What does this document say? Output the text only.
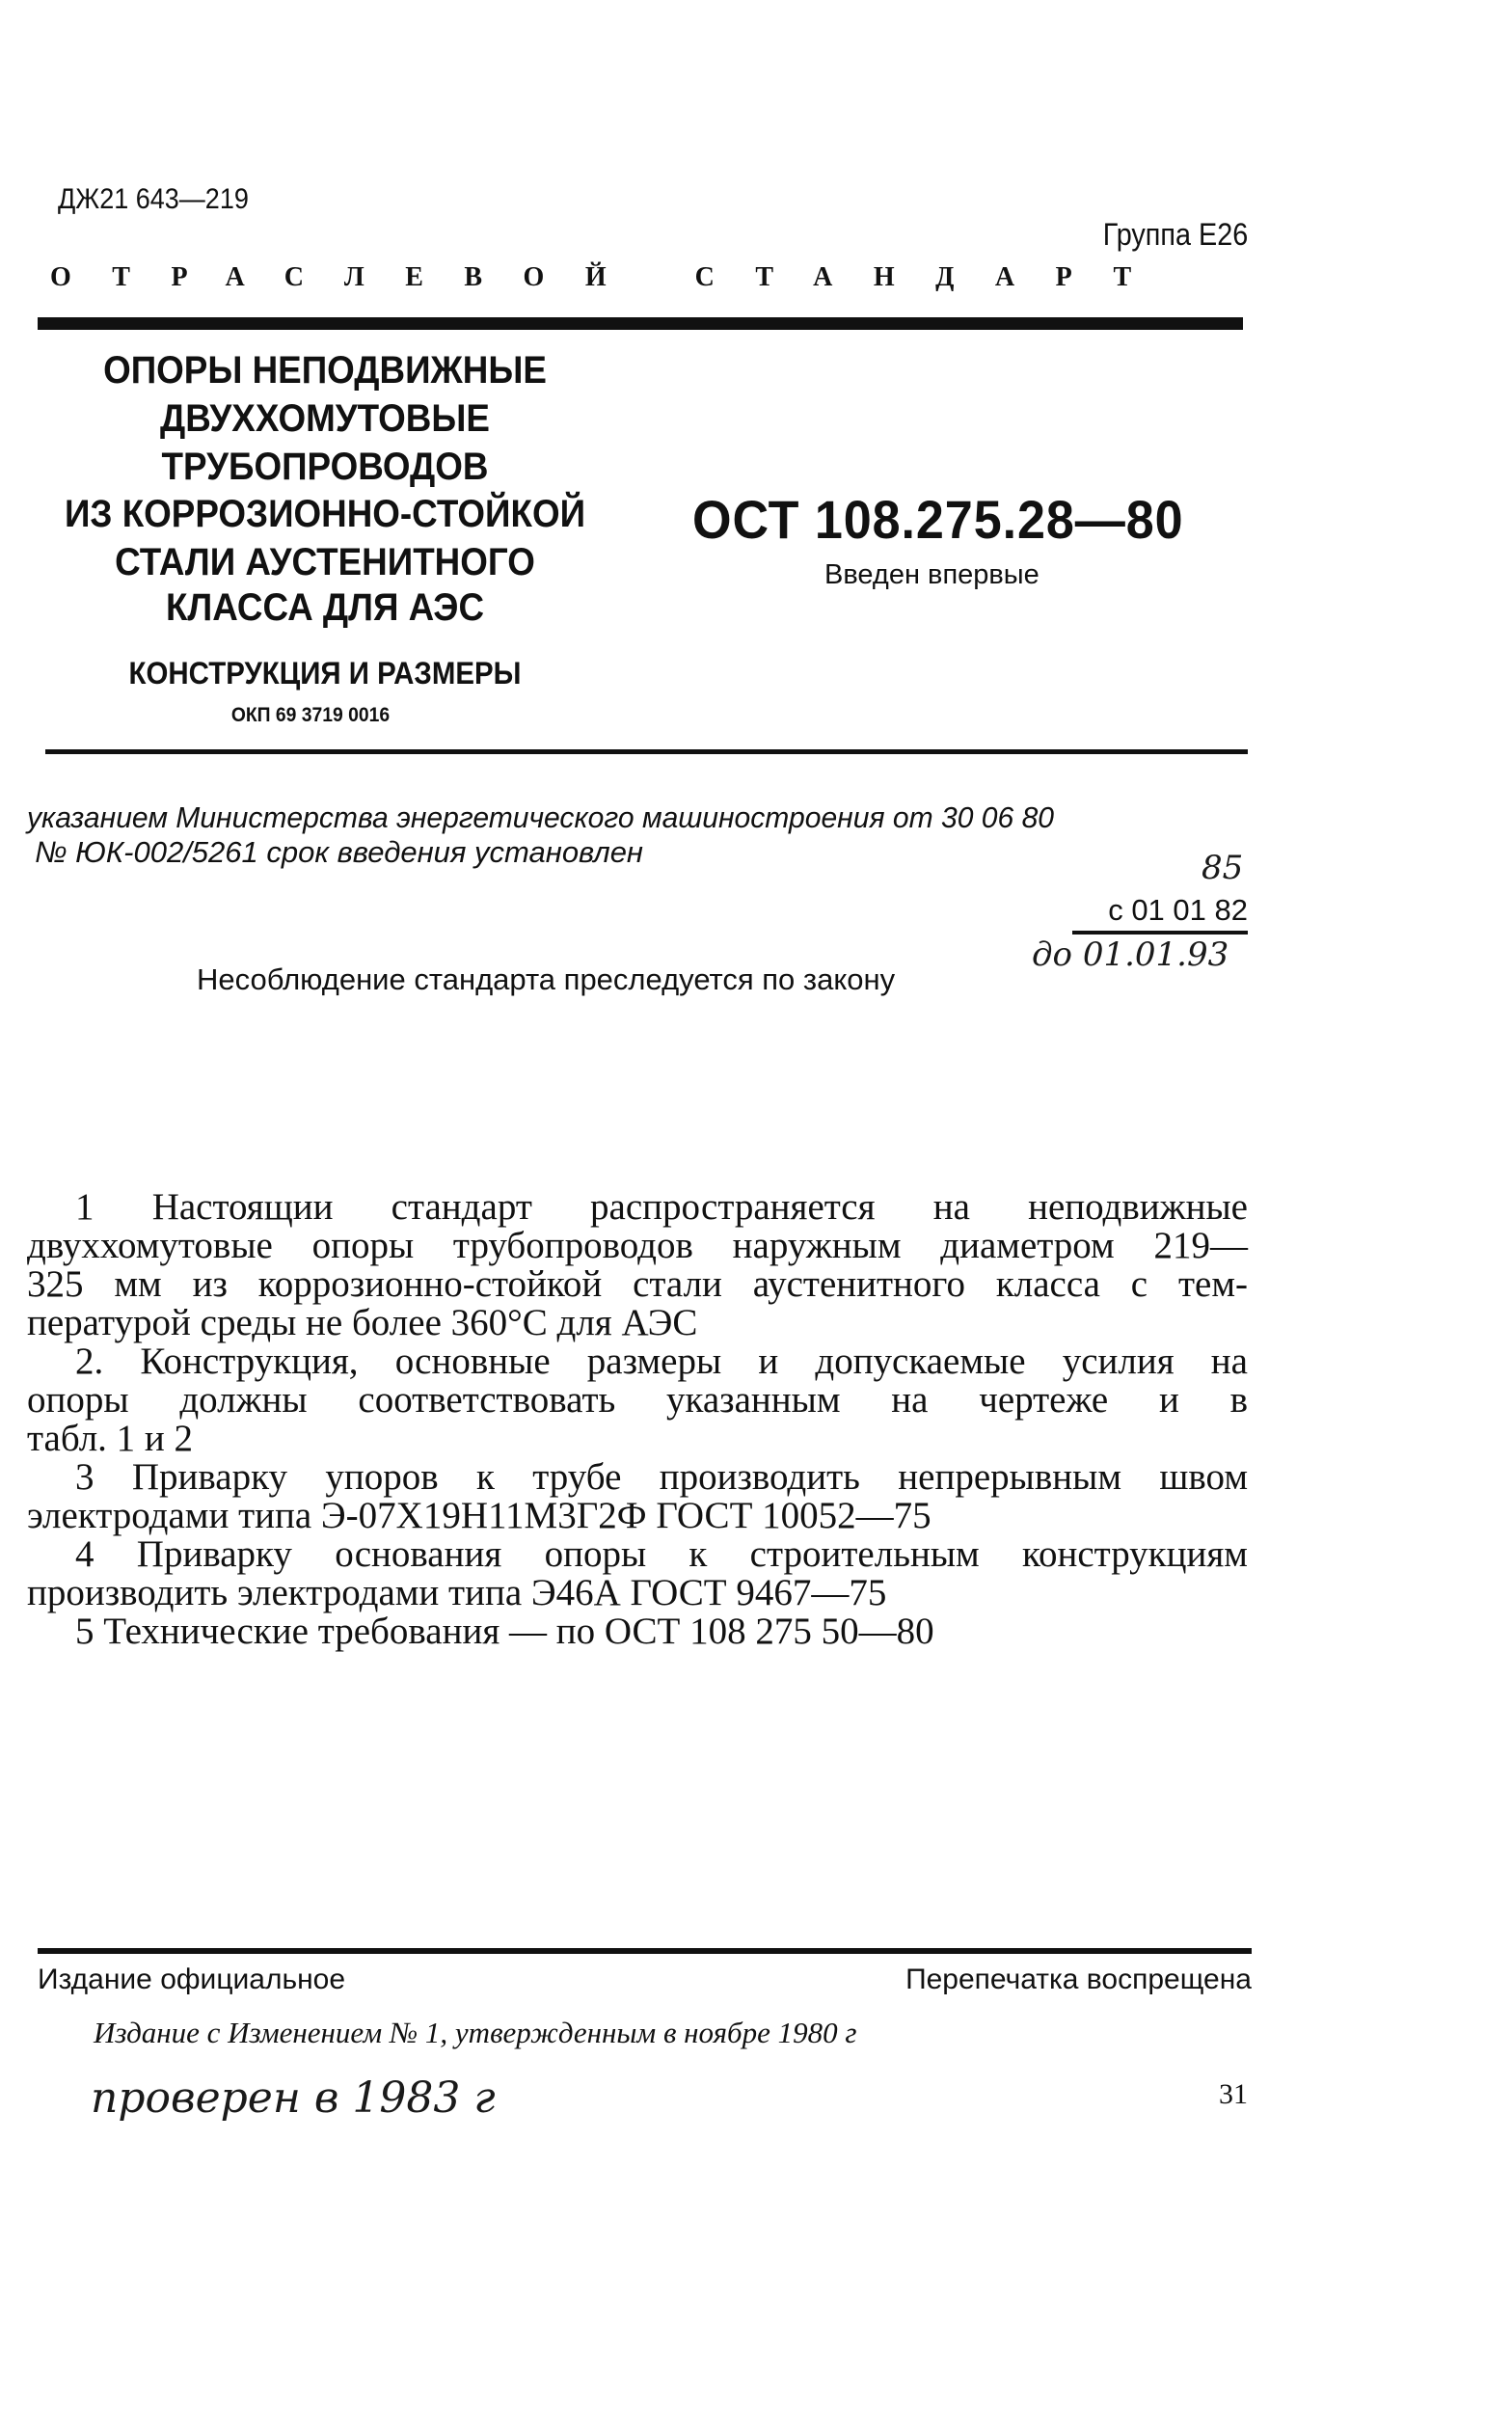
ДЖ21 643—219
Группа Е26
ОТРАСЛЕВОЙ СТАНДАРТ
ОПОРЫ НЕПОДВИЖНЫЕ
ДВУХХОМУТОВЫЕ
ТРУБОПРОВОДОВ
ИЗ КОРРОЗИОННО-СТОЙКОЙ
СТАЛИ АУСТЕНИТНОГО
КЛАССА ДЛЯ АЭС
КОНСТРУКЦИЯ И РАЗМЕРЫ
ОКП 69 3719 0016
ОСТ 108.275.28—80
Введен впервые
указанием Министерства энергетического машиностроения от 30 06 80
№ ЮК-002/5261 срок введения установлен	85
с 01 01 82
до 01.01.93
Несоблюдение стандарта преследуется по закону
1 Настоящии стандарт распространяется на неподвижные
двуххомутовые опоры трубопроводов наружным диаметром 219—
325 мм из коррозионно-стойкой стали аустенитного класса с тем-
пературой среды не более 360°С для АЭС
2. Конструкция, основные размеры и допускаемые усилия на
опоры должны соответствовать указанным на чертеже и в
табл. 1 и 2
3 Приварку упоров к трубе производить непрерывным швом
электродами типа Э-07Х19Н11М3Г2Ф ГОСТ 10052—75
4 Приварку основания опоры к строительным конструкциям
производить электродами типа Э46А ГОСТ 9467—75
5 Технические требования — по ОСТ 108 275 50—80
Издание официальное	Перепечатка воспрещена
Издание с Изменением № 1, утвержденным в ноябре 1980 г
проверен в 1983 г	31
